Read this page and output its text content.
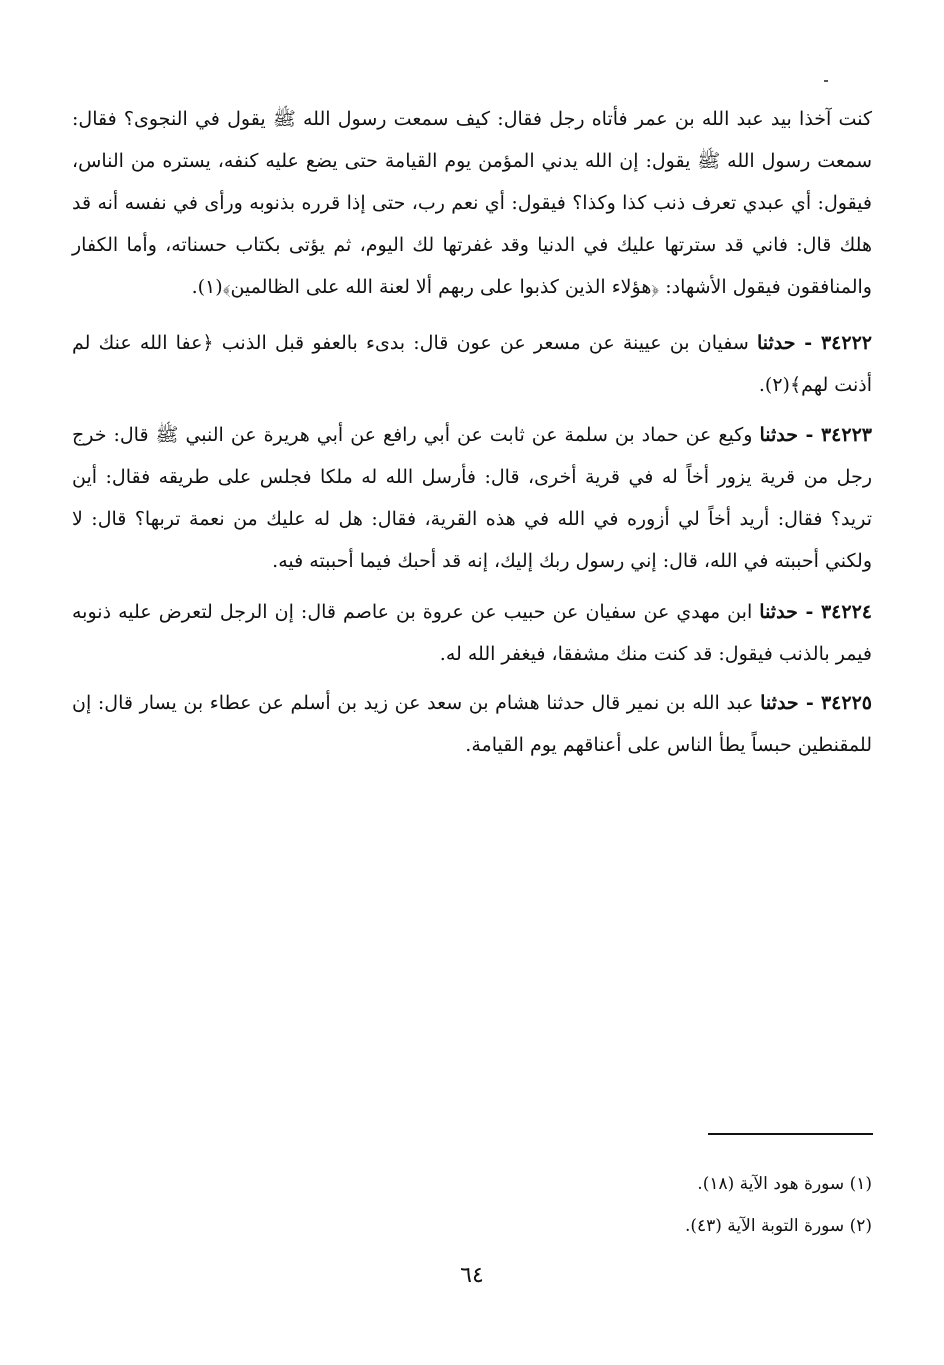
كنت آخذا بيد عبد الله بن عمر فأتاه رجل فقال: كيف سمعت رسول الله ﷺ يقول في النجوى؟ فقال: سمعت رسول الله ﷺ يقول: إن الله يدني المؤمن يوم القيامة حتى يضع عليه كنفه، يستره من الناس، فيقول: أي عبدي تعرف ذنب كذا وكذا؟ فيقول: أي نعم رب، حتى إذا قرره بذنوبه ورأى في نفسه أنه قد هلك قال: فاني قد سترتها عليك في الدنيا وقد غفرتها لك اليوم، ثم يؤتى بكتاب حسناته، وأما الكفار والمنافقون فيقول الأشهاد: ﴿هؤلاء الذين كذبوا على ربهم ألا لعنة الله على الظالمين﴾(١).
٣٤٢٢٢ - حدثنا سفيان بن عيينة عن مسعر عن عون قال: بدىء بالعفو قبل الذنب ﴿عفا الله عنك لم أذنت لهم﴾(٢).
٣٤٢٢٣ - حدثنا وكيع عن حماد بن سلمة عن ثابت عن أبي رافع عن أبي هريرة عن النبي ﷺ قال: خرج رجل من قرية يزور أخاً له في قرية أخرى، قال: فأرسل الله له ملكا فجلس على طريقه فقال: أين تريد؟ فقال: أريد أخاً لي أزوره في الله في هذه القرية، فقال: هل له عليك من نعمة تربها؟ قال: لا ولكني أحببته في الله، قال: إني رسول ربك إليك، إنه قد أحبك فيما أحببته فيه.
٣٤٢٢٤ - حدثنا ابن مهدي عن سفيان عن حبيب عن عروة بن عاصم قال: إن الرجل لتعرض عليه ذنوبه فيمر بالذنب فيقول: قد كنت منك مشفقا، فيغفر الله له.
٣٤٢٢٥ - حدثنا عبد الله بن نمير قال حدثنا هشام بن سعد عن زيد بن أسلم عن عطاء بن يسار قال: إن للمقنطين حبساً يطأ الناس على أعناقهم يوم القيامة.
(١) سورة هود الآية (١٨).
(٢) سورة التوبة الآية (٤٣).
٦٤
